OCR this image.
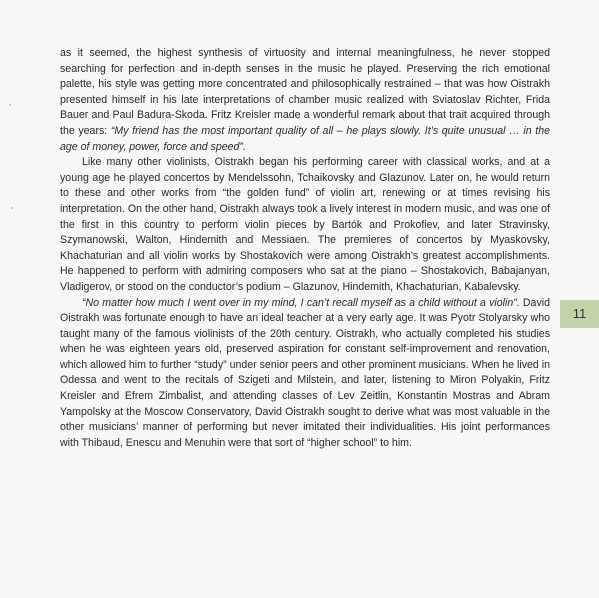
as it seemed, the highest synthesis of virtuosity and internal meaningfulness, he never stopped searching for perfection and in-depth senses in the music he played. Preserving the rich emotional palette, his style was getting more concentrated and philosophically restrained – that was how Oistrakh presented himself in his late interpretations of chamber music realized with Sviatoslav Richter, Frida Bauer and Paul Badura-Skoda. Fritz Kreisler made a wonderful remark about that trait acquired through the years: “My friend has the most important quality of all – he plays slowly. It’s quite unusual … in the age of money, power, force and speed”.

Like many other violinists, Oistrakh began his performing career with classical works, and at a young age he played concertos by Mendelssohn, Tchaikovsky and Glazunov. Later on, he would return to these and other works from “the golden fund” of violin art, renewing or at times revising his interpretation. On the other hand, Oistrakh always took a lively interest in modern music, and was one of the first in this country to perform violin pieces by Bartók and Prokofiev, and later Stravinsky, Szymanowski, Walton, Hindemith and Messiaen. The premieres of concertos by Myaskovsky, Khachaturian and all violin works by Shostakovich were among Oistrakh’s greatest accomplishments. He happened to perform with admiring composers who sat at the piano – Shostakovich, Babajanyan, Vladigerov, or stood on the conductor’s podium – Glazunov, Hindemith, Khachaturian, Kabalevsky.

“No matter how much I went over in my mind, I can’t recall myself as a child without a violin”. David Oistrakh was fortunate enough to have an ideal teacher at a very early age. It was Pyotr Stolyarsky who taught many of the famous violinists of the 20th century. Oistrakh, who actually completed his studies when he was eighteen years old, preserved aspiration for constant self-improvement and renovation, which allowed him to further “study” under senior peers and other prominent musicians. When he lived in Odessa and went to the recitals of Szigeti and Milstein, and later, listening to Miron Polyakin, Fritz Kreisler and Efrem Zimbalist, and attending classes of Lev Zeitlin, Konstantin Mostras and Abram Yampolsky at the Moscow Conservatory, David Oistrakh sought to derive what was most valuable in the other musicians’ manner of performing but never imitated their individualities. His joint performances with Thibaud, Enescu and Menuhin were that sort of “higher school” to him.

11
